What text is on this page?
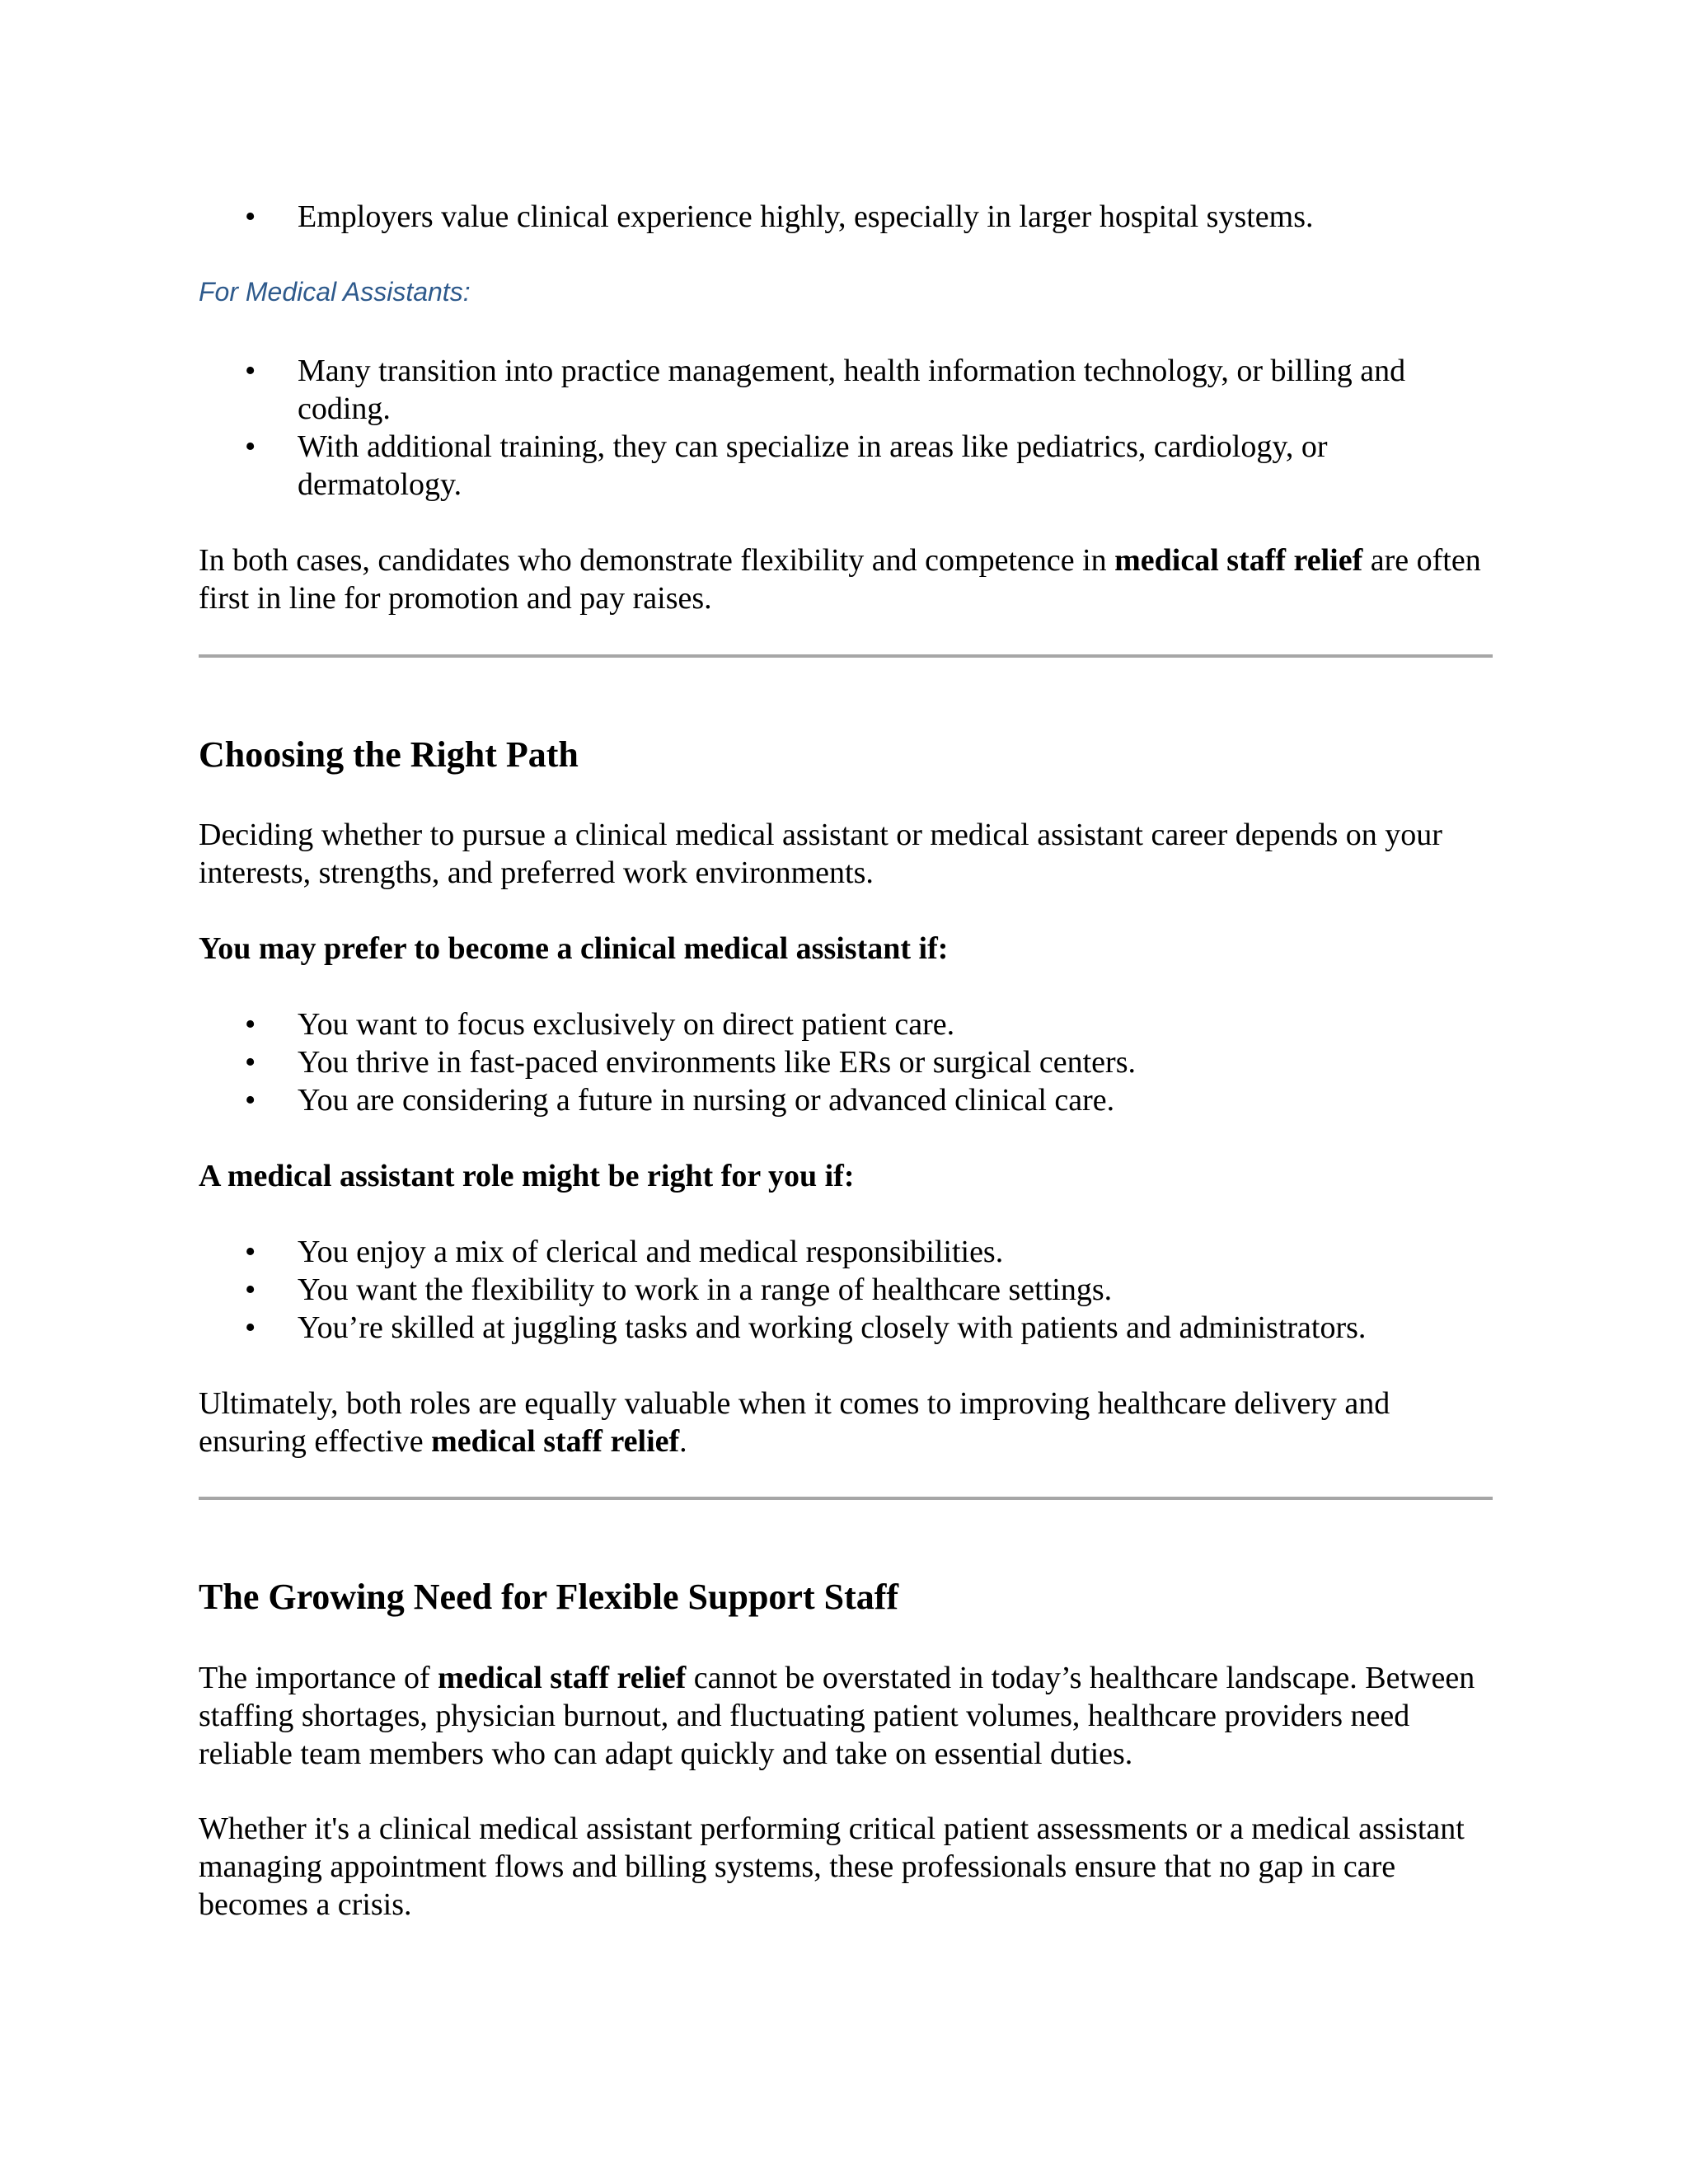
• Employers value clinical experience highly, especially in larger hospital systems.

For Medical Assistants:

• Many transition into practice management, health information technology, or billing and coding.
• With additional training, they can specialize in areas like pediatrics, cardiology, or dermatology.

In both cases, candidates who demonstrate flexibility and competence in medical staff relief are often first in line for promotion and pay raises.

Choosing the Right Path

Deciding whether to pursue a clinical medical assistant or medical assistant career depends on your interests, strengths, and preferred work environments.

You may prefer to become a clinical medical assistant if:

• You want to focus exclusively on direct patient care.
• You thrive in fast-paced environments like ERs or surgical centers.
• You are considering a future in nursing or advanced clinical care.

A medical assistant role might be right for you if:

• You enjoy a mix of clerical and medical responsibilities.
• You want the flexibility to work in a range of healthcare settings.
• You’re skilled at juggling tasks and working closely with patients and administrators.

Ultimately, both roles are equally valuable when it comes to improving healthcare delivery and ensuring effective medical staff relief.

The Growing Need for Flexible Support Staff

The importance of medical staff relief cannot be overstated in today’s healthcare landscape. Between staffing shortages, physician burnout, and fluctuating patient volumes, healthcare providers need reliable team members who can adapt quickly and take on essential duties.

Whether it's a clinical medical assistant performing critical patient assessments or a medical assistant managing appointment flows and billing systems, these professionals ensure that no gap in care becomes a crisis.
